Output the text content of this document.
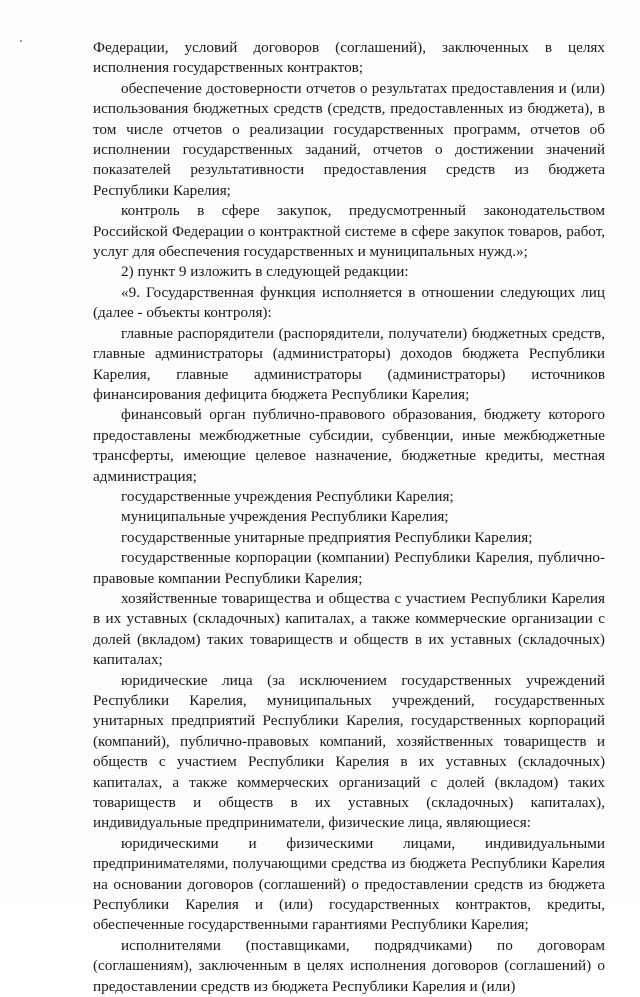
Федерации, условий договоров (соглашений), заключенных в целях исполнения государственных контрактов;

обеспечение достоверности отчетов о результатах предоставления и (или) использования бюджетных средств (средств, предоставленных из бюджета), в том числе отчетов о реализации государственных программ, отчетов об исполнении государственных заданий, отчетов о достижении значений показателей результативности предоставления средств из бюджета Республики Карелия;

контроль в сфере закупок, предусмотренный законодательством Российской Федерации о контрактной системе в сфере закупок товаров, работ, услуг для обеспечения государственных и муниципальных нужд.»;

2) пункт 9 изложить в следующей редакции:

«9. Государственная функция исполняется в отношении следующих лиц (далее - объекты контроля):

главные распорядители (распорядители, получатели) бюджетных средств, главные администраторы (администраторы) доходов бюджета Республики Карелия, главные администраторы (администраторы) источников финансирования дефицита бюджета Республики Карелия;

финансовый орган публично-правового образования, бюджету которого предоставлены межбюджетные субсидии, субвенции, иные межбюджетные трансферты, имеющие целевое назначение, бюджетные кредиты, местная администрация;

государственные учреждения Республики Карелия;

муниципальные учреждения Республики Карелия;

государственные унитарные предприятия Республики Карелия;

государственные корпорации (компании) Республики Карелия, публично-правовые компании Республики Карелия;

хозяйственные товарищества и общества с участием Республики Карелия в их уставных (складочных) капиталах, а также коммерческие организации с долей (вкладом) таких товариществ и обществ в их уставных (складочных) капиталах;

юридические лица (за исключением государственных учреждений Республики Карелия, муниципальных учреждений, государственных унитарных предприятий Республики Карелия, государственных корпораций (компаний), публично-правовых компаний, хозяйственных товариществ и обществ с участием Республики Карелия в их уставных (складочных) капиталах, а также коммерческих организаций с долей (вкладом) таких товариществ и обществ в их уставных (складочных) капиталах), индивидуальные предприниматели, физические лица, являющиеся:

юридическими и физическими лицами, индивидуальными предпринимателями, получающими средства из бюджета Республики Карелия на основании договоров (соглашений) о предоставлении средств из бюджета Республики Карелия и (или) государственных контрактов, кредиты, обеспеченные государственными гарантиями Республики Карелия;

исполнителями (поставщиками, подрядчиками) по договорам (соглашениям), заключенным в целях исполнения договоров (соглашений) о предоставлении средств из бюджета Республики Карелия и (или)
